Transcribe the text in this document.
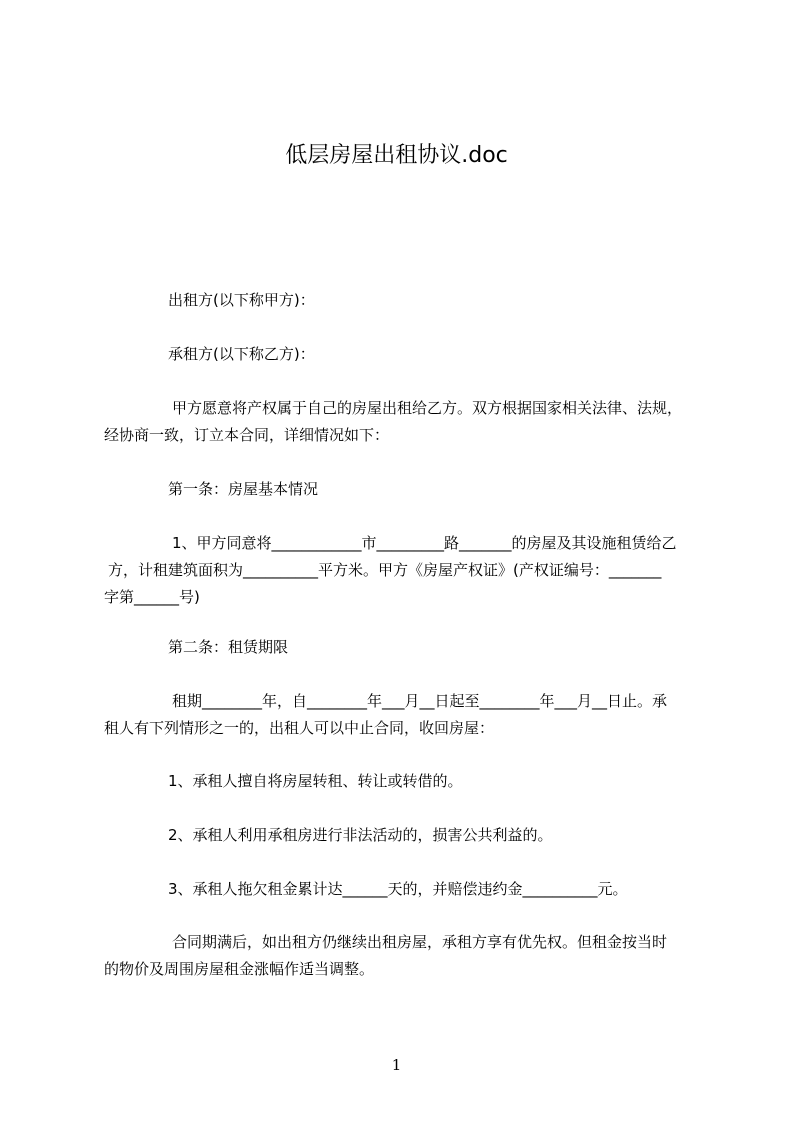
低层房屋出租协议.doc

出租方(以下称甲方)：

承租方(以下称乙方)：

甲方愿意将产权属于自己的房屋出租给乙方。双方根据国家相关法律、法规，
经协商一致，订立本合同，详细情况如下：

第一条：房屋基本情况

1、甲方同意将____________市_________路_______的房屋及其设施租赁给乙
方，计租建筑面积为__________平方米。甲方《房屋产权证》(产权证编号：_______
字第______号)

第二条：租赁期限

租期________年，自________年___月__日起至________年___月__日止。承
租人有下列情形之一的，出租人可以中止合同，收回房屋：

1、承租人擅自将房屋转租、转让或转借的。

2、承租人利用承租房进行非法活动的，损害公共利益的。

3、承租人拖欠租金累计达______天的，并赔偿违约金__________元。

合同期满后，如出租方仍继续出租房屋，承租方享有优先权。但租金按当时
的物价及周围房屋租金涨幅作适当调整。
1
